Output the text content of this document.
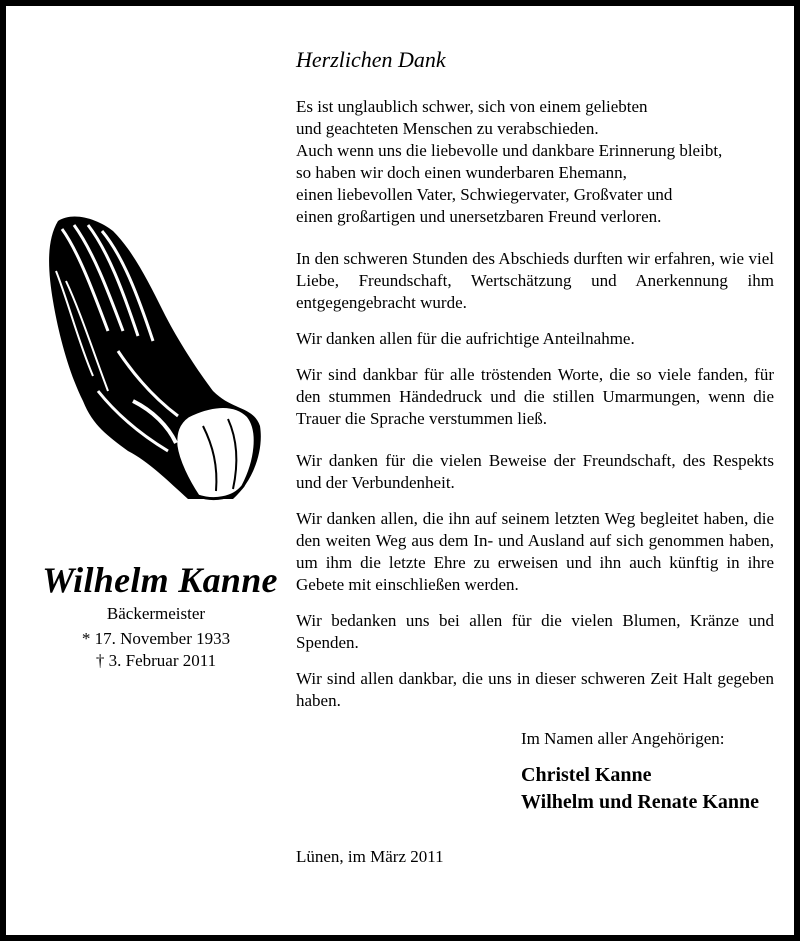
Wilhelm Kanne
Bäckermeister
* 17. November 1933
† 3. Februar 2011
Herzlichen Dank
Es ist unglaublich schwer, sich von einem geliebten
und geachteten Menschen zu verabschieden.
Auch wenn uns die liebevolle und dankbare Erinnerung bleibt,
so haben wir doch einen wunderbaren Ehemann,
einen liebevollen Vater, Schwiegervater, Großvater und
einen großartigen und unersetzbaren Freund verloren.
In den schweren Stunden des Abschieds durften wir erfahren, wie viel Liebe, Freundschaft, Wertschätzung und Anerkennung ihm entgegengebracht wurde.
Wir danken allen für die aufrichtige Anteilnahme.
Wir sind dankbar für alle tröstenden Worte, die so viele fanden, für den stummen Händedruck und die stillen Umarmungen, wenn die Trauer die Sprache verstummen ließ.
Wir danken für die vielen Beweise der Freundschaft, des Respekts und der Verbundenheit.
Wir danken allen, die ihn auf seinem letzten Weg begleitet haben, die den weiten Weg aus dem In- und Ausland auf sich genommen haben, um ihm die letzte Ehre zu erweisen und ihn auch künftig in ihre Gebete mit einschließen werden.
Wir bedanken uns bei allen für die vielen Blumen, Kränze und Spenden.
Wir sind allen dankbar, die uns in dieser schweren Zeit Halt gegeben haben.
Im Namen aller Angehörigen:
Christel Kanne
Wilhelm und Renate Kanne
Lünen, im März 2011
